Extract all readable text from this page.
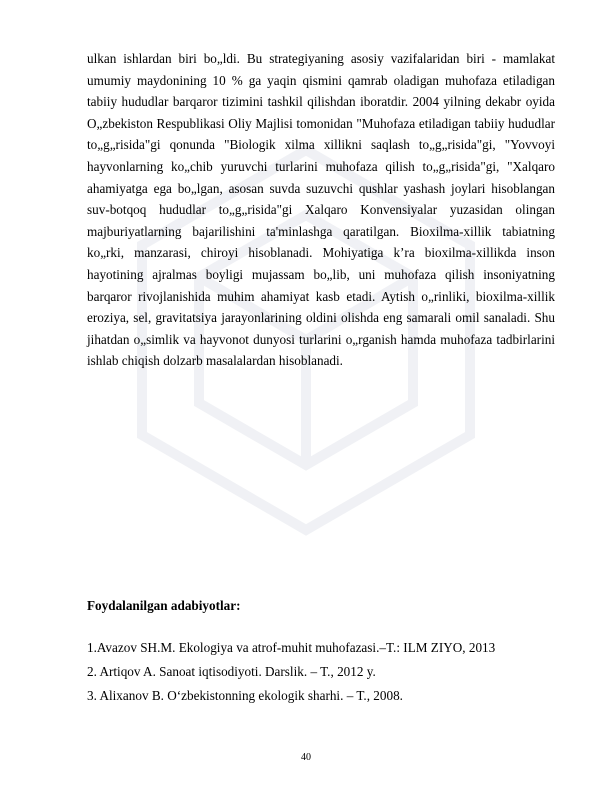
ulkan ishlardan biri bo„ldi. Bu strategiyaning asosiy vazifalaridan biri - mamlakat umumiy maydonining 10 % ga yaqin qismini qamrab oladigan muhofaza etiladigan tabiiy hududlar barqaror tizimini tashkil qilishdan iboratdir. 2004 yilning dekabr oyida O„zbekiston Respublikasi Oliy Majlisi tomonidan "Muhofaza etiladigan tabiiy hududlar to„g„risida"gi qonunda "Biologik xilma xillikni saqlash to„g„risida"gi, "Yovvoyi hayvonlarning ko„chib yuruvchi turlarini muhofaza qilish to„g„risida"gi, "Xalqaro ahamiyatga ega bo„lgan, asosan suvda suzuvchi qushlar yashash joylari hisoblangan suv-botqoq hududlar to„g„risida"gi Xalqaro Konvensiyalar yuzasidan olingan majburiyatlarning bajarilishini ta'minlashga qaratilgan. Bioxilma-xillik tabiatning ko„rki, manzarasi, chiroyi hisoblanadi. Mohiyatiga k’ra bioxilma-xillikda inson hayotining ajralmas boyligi mujassam bo„lib, uni muhofaza qilish insoniyatning barqaror rivojlanishida muhim ahamiyat kasb etadi. Aytish o„rinliki, bioxilma-xillik eroziya, sel, gravitatsiya jarayonlarining oldini olishda eng samarali omil sanaladi. Shu jihatdan o„simlik va hayvonot dunyosi turlarini o„rganish hamda muhofaza tadbirlarini ishlab chiqish dolzarb masalalardan hisoblanadi.

Foydalanilgan adabiyotlar:
1.Avazov SH.M. Ekologiya va atrof-muhit muhofazasi.–T.: ILM ZIYO, 2013
2. Artiqov A. Sanoat iqtisodiyoti. Darslik. – T., 2012 y.
3. Alixanov B. O‘zbekistonning ekologik sharhi. – T., 2008.
40
